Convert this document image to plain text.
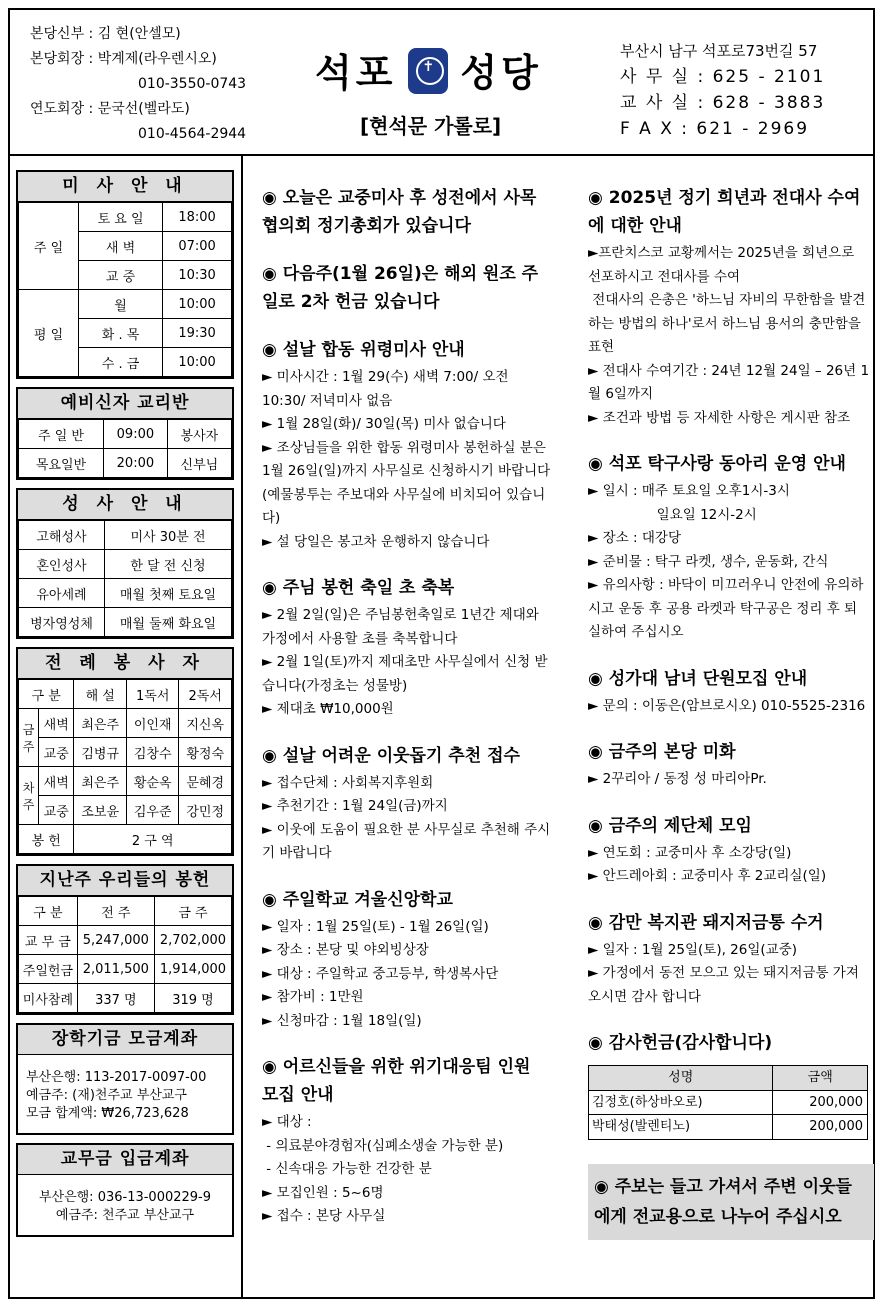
본당신부 : 김 현(안셀모)
본당회장 : 박계제(라우렌시오)
010-3550-0743
연도회장 : 문국선(벨라도)
010-4564-2944
석포 ✝ 성당
[현석문 가롤로]
부산시 남구 석포로73번길 57
사 무 실 : 625 - 2101
교 사 실 : 628 - 3883
F A X : 621 - 2969
미 사 안 내
주 일	토 요 일	18:00
	새 벽	07:00
	교 중	10:30
평 일	월	10:00
	화 . 목	19:30
	수 . 금	10:00
예비신자 교리반
주 일 반	09:00	봉사자
목요일반	20:00	신부님
성 사 안 내
고해성사	미사 30분 전
혼인성사	한 달 전 신청
유아세례	매월 첫째 토요일
병자영성체	매월 둘째 화요일
전 례 봉 사 자
구 분		해 설	1독서	2독서
금주	새벽	최은주	이인재	지신옥
	교중	김병규	김창수	황정숙
차주	새벽	최은주	황순옥	문혜경
	교중	조보윤	김우준	강민정
봉 헌		2 구 역		
지난주 우리들의 봉헌
구 분	전 주	금 주
교 무 금	5,247,000	2,702,000
주일헌금	2,011,500	1,914,000
미사참례	337 명	319 명
장학기금 모금계좌
부산은행: 113-2017-0097-00
예금주: (재)천주교 부산교구
모금 합계액: ₩26,723,628
교무금 입금계좌
부산은행: 036-13-000229-9
예금주: 천주교 부산교구
◉ 오늘은 교중미사 후 성전에서 사목협의회 정기총회가 있습니다
◉ 다음주(1월 26일)은 해외 원조 주일로 2차 헌금 있습니다
◉ 설날 합동 위령미사 안내
► 미사시간 : 1월 29(수) 새벽 7:00/ 오전 10:30/ 저녁미사 없음
► 1월 28일(화)/ 30일(목) 미사 없습니다
► 조상님들을 위한 합동 위령미사 봉헌하실 분은 1월 26일(일)까지 사무실로 신청하시기 바랍니다(예물봉투는 주보대와 사무실에 비치되어 있습니다)
► 설 당일은 봉고차 운행하지 않습니다
◉ 주님 봉헌 축일 초 축복
► 2월 2일(일)은 주님봉헌축일로 1년간 제대와 가정에서 사용할 초를 축복합니다
► 2월 1일(토)까지 제대초만 사무실에서 신청 받습니다(가정초는 성물방)
► 제대초 ₩10,000원
◉ 설날 어려운 이웃돕기 추천 접수
► 접수단체 : 사회복지후원회
► 추천기간 : 1월 24일(금)까지
► 이웃에 도움이 필요한 분 사무실로 추천해 주시기 바랍니다
◉ 주일학교 겨울신앙학교
► 일자 : 1월 25일(토) - 1월 26일(일)
► 장소 : 본당 및 야외빙상장
► 대상 : 주일학교 중고등부, 학생복사단
► 참가비 : 1만원
► 신청마감 : 1월 18일(일)
◉ 어르신들을 위한 위기대응팀 인원 모집 안내
► 대상 :
- 의료분야경험자(심폐소생술 가능한 분)
- 신속대응 가능한 건강한 분
► 모집인원 : 5~6명
► 접수 : 본당 사무실
◉ 2025년 정기 희년과 전대사 수여에 대한 안내
►프란치스코 교황께서는 2025년을 희년으로 선포하시고 전대사를 수여
전대사의 은총은 '하느님 자비의 무한함을 발견하는 방법의 하나'로서 하느님 용서의 충만함을 표현
► 전대사 수여기간 : 24년 12월 24일 – 26년 1월 6일까지
► 조건과 방법 등 자세한 사항은 게시판 참조
◉ 석포 탁구사랑 동아리 운영 안내
► 일시 : 매주 토요일 오후1시-3시
일요일 12시-2시
► 장소 : 대강당
► 준비물 : 탁구 라켓, 생수, 운동화, 간식
► 유의사항 : 바닥이 미끄러우니 안전에 유의하시고 운동 후 공용 라켓과 탁구공은 정리 후 퇴실하여 주십시오
◉ 성가대 남녀 단원모집 안내
► 문의 : 이동은(암브로시오) 010-5525-2316
◉ 금주의 본당 미화
► 2꾸리아 / 동정 성 마리아Pr.
◉ 금주의 제단체 모임
► 연도회 : 교중미사 후 소강당(일)
► 안드레아회 : 교중미사 후 2교리실(일)
◉ 감만 복지관 돼지저금통 수거
► 일자 : 1월 25일(토), 26일(교중)
► 가정에서 동전 모으고 있는 돼지저금통 가져오시면 감사 합니다
◉ 감사헌금(감사합니다)
성명	금액
김정호(하상바오로)	200,000
박태성(발렌티노)	200,000
◉ 주보는 들고 가셔서 주변 이웃들에게 전교용으로 나누어 주십시오
